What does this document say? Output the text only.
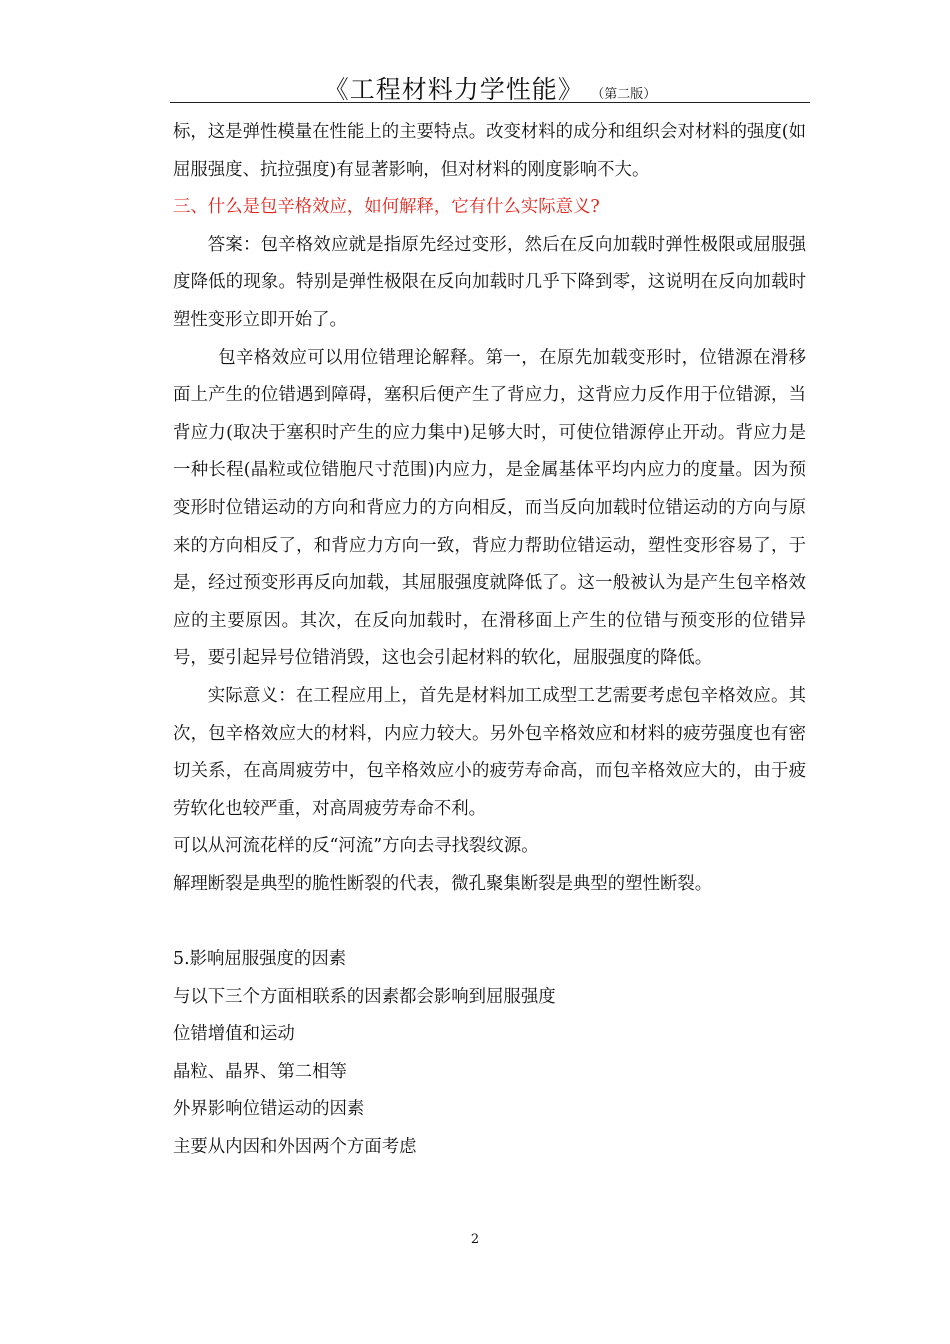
《工程材料力学性能》 $_{(第二版)}$

标，这是弹性模量在性能上的主要特点。改变材料的成分和组织会对材料的强度(如屈服强度、抗拉强度)有显著影响，但对材料的刚度影响不大。

三、什么是包辛格效应，如何解释，它有什么实际意义?

答案：包辛格效应就是指原先经过变形，然后在反向加载时弹性极限或屈服强度降低的现象。特别是弹性极限在反向加载时几乎下降到零，这说明在反向加载时塑性变形立即开始了。

包辛格效应可以用位错理论解释。第一，在原先加载变形时，位错源在滑移面上产生的位错遇到障碍，塞积后便产生了背应力，这背应力反作用于位错源，当背应力(取决于塞积时产生的应力集中)足够大时，可使位错源停止开动。背应力是一种长程(晶粒或位错胞尺寸范围)内应力，是金属基体平均内应力的度量。因为预变形时位错运动的方向和背应力的方向相反，而当反向加载时位错运动的方向与原来的方向相反了，和背应力方向一致，背应力帮助位错运动，塑性变形容易了，于是，经过预变形再反向加载，其屈服强度就降低了。这一般被认为是产生包辛格效应的主要原因。其次，在反向加载时，在滑移面上产生的位错与预变形的位错异号，要引起异号位错消毁，这也会引起材料的软化，屈服强度的降低。

实际意义：在工程应用上，首先是材料加工成型工艺需要考虑包辛格效应。其次，包辛格效应大的材料，内应力较大。另外包辛格效应和材料的疲劳强度也有密切关系，在高周疲劳中，包辛格效应小的疲劳寿命高，而包辛格效应大的，由于疲劳软化也较严重，对高周疲劳寿命不利。

可以从河流花样的反“河流”方向去寻找裂纹源。

解理断裂是典型的脆性断裂的代表，微孔聚集断裂是典型的塑性断裂。

5.影响屈服强度的因素

与以下三个方面相联系的因素都会影响到屈服强度

位错增值和运动

晶粒、晶界、第二相等

外界影响位错运动的因素

主要从内因和外因两个方面考虑

2
